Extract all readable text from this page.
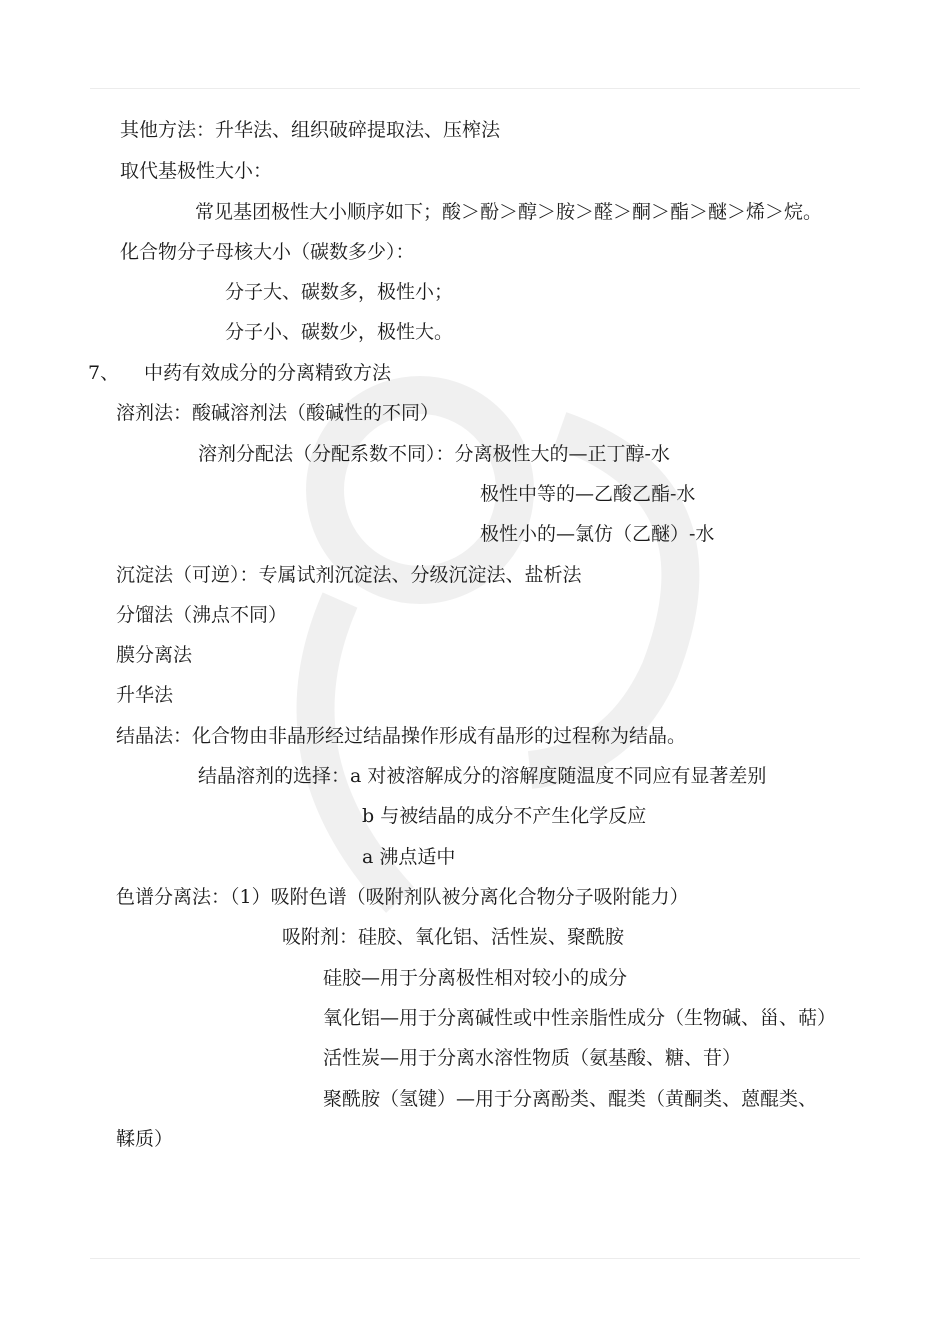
其他方法：升华法、组织破碎提取法、压榨法
取代基极性大小：
常见基团极性大小顺序如下；酸＞酚＞醇＞胺＞醛＞酮＞酯＞醚＞烯＞烷。
化合物分子母核大小（碳数多少）：
分子大、碳数多，极性小；
分子小、碳数少，极性大。
7、 中药有效成分的分离精致方法
溶剂法：酸碱溶剂法（酸碱性的不同）
溶剂分配法（分配系数不同）：分离极性大的—正丁醇-水
极性中等的—乙酸乙酯-水
极性小的—氯仿（乙醚）-水
沉淀法（可逆）：专属试剂沉淀法、分级沉淀法、盐析法
分馏法（沸点不同）
膜分离法
升华法
结晶法：化合物由非晶形经过结晶操作形成有晶形的过程称为结晶。
结晶溶剂的选择：a 对被溶解成分的溶解度随温度不同应有显著差别
b 与被结晶的成分不产生化学反应
a 沸点适中
色谱分离法：（1）吸附色谱（吸附剂队被分离化合物分子吸附能力）
吸附剂：硅胶、氧化铝、活性炭、聚酰胺
硅胶—用于分离极性相对较小的成分
氧化铝—用于分离碱性或中性亲脂性成分（生物碱、甾、萜）
活性炭—用于分离水溶性物质（氨基酸、糖、苷）
聚酰胺（氢键）—用于分离酚类、醌类（黄酮类、蒽醌类、
鞣质）
